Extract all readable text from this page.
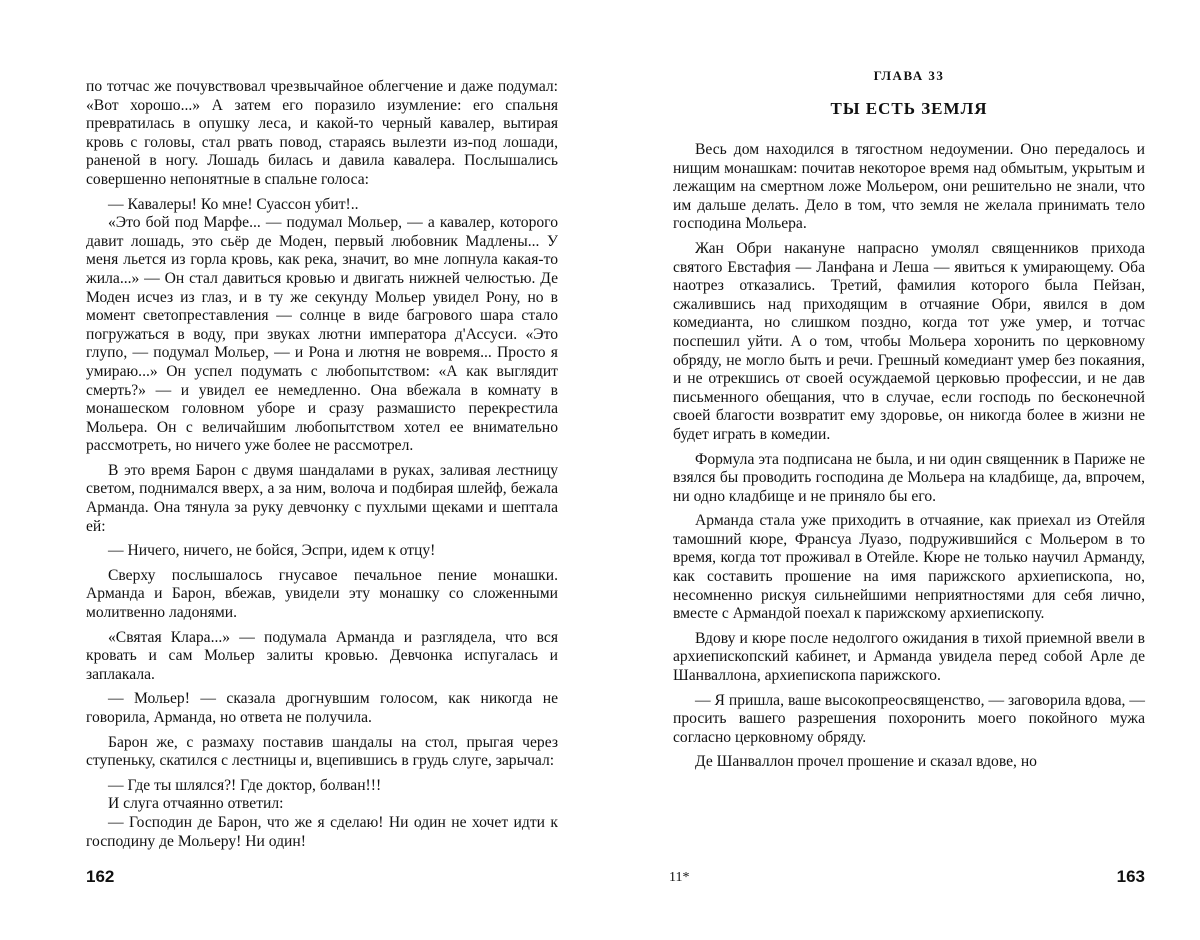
по тотчас же почувствовал чрезвычайное облегчение и даже подумал: «Вот хорошо...» А затем его поразило изумление: его спальня превратилась в опушку леса, и какой-то черный кавалер, вытирая кровь с головы, стал рвать повод, стараясь вылезти из-под лошади, раненой в ногу. Лошадь билась и давила кавалера. Послышались совершенно непонятные в спальне голоса:

— Кавалеры! Ко мне! Суассон убит!..

«Это бой под Марфе... — подумал Мольер, — а кавалер, которого давит лошадь, это сьёр де Моден, первый любовник Мадлены... У меня льется из горла кровь, как река, значит, во мне лопнула какая-то жила...» — Он стал давиться кровью и двигать нижней челюстью. Де Моден исчез из глаз, и в ту же секунду Мольер увидел Рону, но в момент светопреставления — солнце в виде багрового шара стало погружаться в воду, при звуках лютни императора д'Ассуси. «Это глупо, — подумал Мольер, — и Рона и лютня не вовремя... Просто я умираю...» Он успел подумать с любопытством: «А как выглядит смерть?» — и увидел ее немедленно. Она вбежала в комнату в монашеском головном уборе и сразу размашисто перекрестила Мольера. Он с величайшим любопытством хотел ее внимательно рассмотреть, но ничего уже более не рассмотрел.

В это время Барон с двумя шандалами в руках, заливая лестницу светом, поднимался вверх, а за ним, волоча и подбирая шлейф, бежала Арманда. Она тянула за руку девчонку с пухлыми щеками и шептала ей:

— Ничего, ничего, не бойся, Эспри, идем к отцу!

Сверху послышалось гнусавое печальное пение монашки. Арманда и Барон, вбежав, увидели эту монашку со сложенными молитвенно ладонями.

«Святая Клара...» — подумала Арманда и разглядела, что вся кровать и сам Мольер залиты кровью. Девчонка испугалась и заплакала.

— Мольер! — сказала дрогнувшим голосом, как никогда не говорила, Арманда, но ответа не получила.

Барон же, с размаху поставив шандалы на стол, прыгая через ступеньку, скатился с лестницы и, вцепившись в грудь слуге, зарычал:

— Где ты шлялся?! Где доктор, болван!!!

И слуга отчаянно ответил:

— Господин де Барон, что же я сделаю! Ни один не хочет идти к господину де Мольеру! Ни один!

162
ГЛАВА 33
ТЫ ЕСТЬ ЗЕМЛЯ

Весь дом находился в тягостном недоумении. Оно передалось и нищим монашкам: почитав некоторое время над обмытым, укрытым и лежащим на смертном ложе Мольером, они решительно не знали, что им дальше делать. Дело в том, что земля не желала принимать тело господина Мольера.

Жан Обри накануне напрасно умолял священников прихода святого Евстафия — Ланфана и Леша — явиться к умирающему. Оба наотрез отказались. Третий, фамилия которого была Пейзан, сжалившись над приходящим в отчаяние Обри, явился в дом комедианта, но слишком поздно, когда тот уже умер, и тотчас поспешил уйти. А о том, чтобы Мольера хоронить по церковному обряду, не могло быть и речи. Грешный комедиант умер без покаяния, и не отрекшись от своей осуждаемой церковью профессии, и не дав письменного обещания, что в случае, если господь по бесконечной своей благости возвратит ему здоровье, он никогда более в жизни не будет играть в комедии.

Формула эта подписана не была, и ни один священник в Париже не взялся бы проводить господина де Мольера на кладбище, да, впрочем, ни одно кладбище и не приняло бы его.

Арманда стала уже приходить в отчаяние, как приехал из Отейля тамошний кюре, Франсуа Луазо, подружившийся с Мольером в то время, когда тот проживал в Отейле. Кюре не только научил Арманду, как составить прошение на имя парижского архиепископа, но, несомненно рискуя сильнейшими неприятностями для себя лично, вместе с Армандой поехал к парижскому архиепископу.

Вдову и кюре после недолгого ожидания в тихой приемной ввели в архиепископский кабинет, и Арманда увидела перед собой Арле де Шанваллона, архиепископа парижского.

— Я пришла, ваше высокопреосвященство, — заговорила вдова, — просить вашего разрешения похоронить моего покойного мужа согласно церковному обряду.

Де Шанваллон прочел прошение и сказал вдове, но

11*	163
